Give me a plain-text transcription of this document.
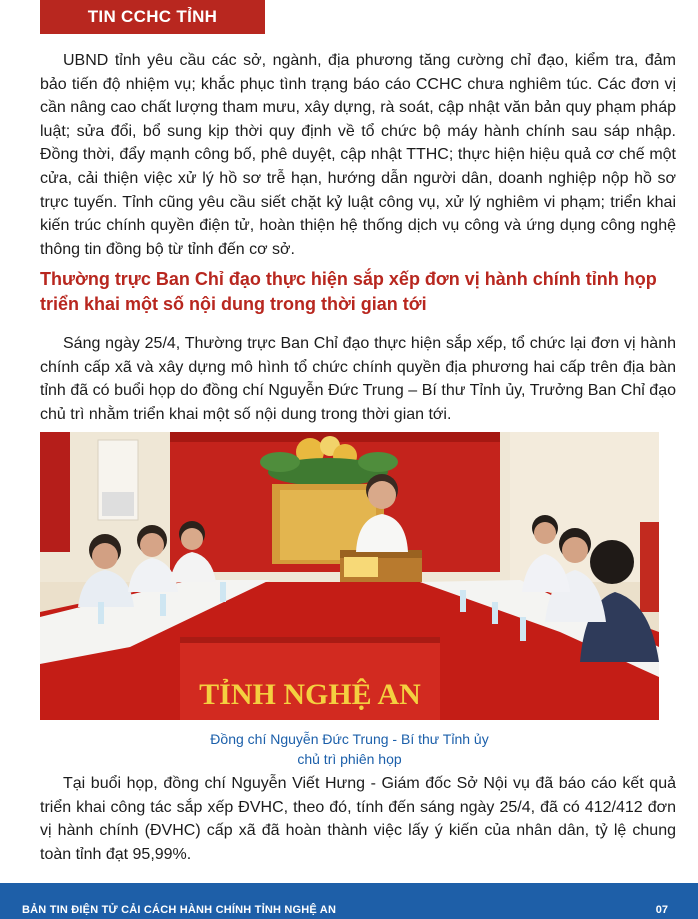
TIN CCHC TỈNH

UBND tỉnh yêu cầu các sở, ngành, địa phương tăng cường chỉ đạo, kiểm tra, đảm bảo tiến độ nhiệm vụ; khắc phục tình trạng báo cáo CCHC chưa nghiêm túc. Các đơn vị cần nâng cao chất lượng tham mưu, xây dựng, rà soát, cập nhật văn bản quy phạm pháp luật; sửa đổi, bổ sung kịp thời quy định về tổ chức bộ máy hành chính sau sáp nhập. Đồng thời, đẩy mạnh công bố, phê duyệt, cập nhật TTHC; thực hiện hiệu quả cơ chế một cửa, cải thiện việc xử lý hồ sơ trễ hạn, hướng dẫn người dân, doanh nghiệp nộp hồ sơ trực tuyến. Tỉnh cũng yêu cầu siết chặt kỷ luật công vụ, xử lý nghiêm vi phạm; triển khai kiến trúc chính quyền điện tử, hoàn thiện hệ thống dịch vụ công và ứng dụng công nghệ thông tin đồng bộ từ tỉnh đến cơ sở.

Thường trực Ban Chỉ đạo thực hiện sắp xếp đơn vị hành chính tỉnh họp triển khai một số nội dung trong thời gian tới

Sáng ngày 25/4, Thường trực Ban Chỉ đạo thực hiện sắp xếp, tổ chức lại đơn vị hành chính cấp xã và xây dựng mô hình tổ chức chính quyền địa phương hai cấp trên địa bàn tỉnh đã có buổi họp do đồng chí Nguyễn Đức Trung – Bí thư Tỉnh ủy, Trưởng Ban Chỉ đạo chủ trì nhằm triển khai một số nội dung trong thời gian tới.

TỈNH NGHỆ AN

Đồng chí Nguyễn Đức Trung - Bí thư Tỉnh ủy
chủ trì phiên họp

Tại buổi họp, đồng chí Nguyễn Viết Hưng - Giám đốc Sở Nội vụ đã báo cáo kết quả triển khai công tác sắp xếp ĐVHC, theo đó, tính đến sáng ngày 25/4, đã có 412/412 đơn vị hành chính (ĐVHC) cấp xã đã hoàn thành việc lấy ý kiến của nhân dân, tỷ lệ chung toàn tỉnh đạt 95,99%.

BẢN TIN ĐIỆN TỬ CẢI CÁCH HÀNH CHÍNH TỈNH NGHỆ AN	07
